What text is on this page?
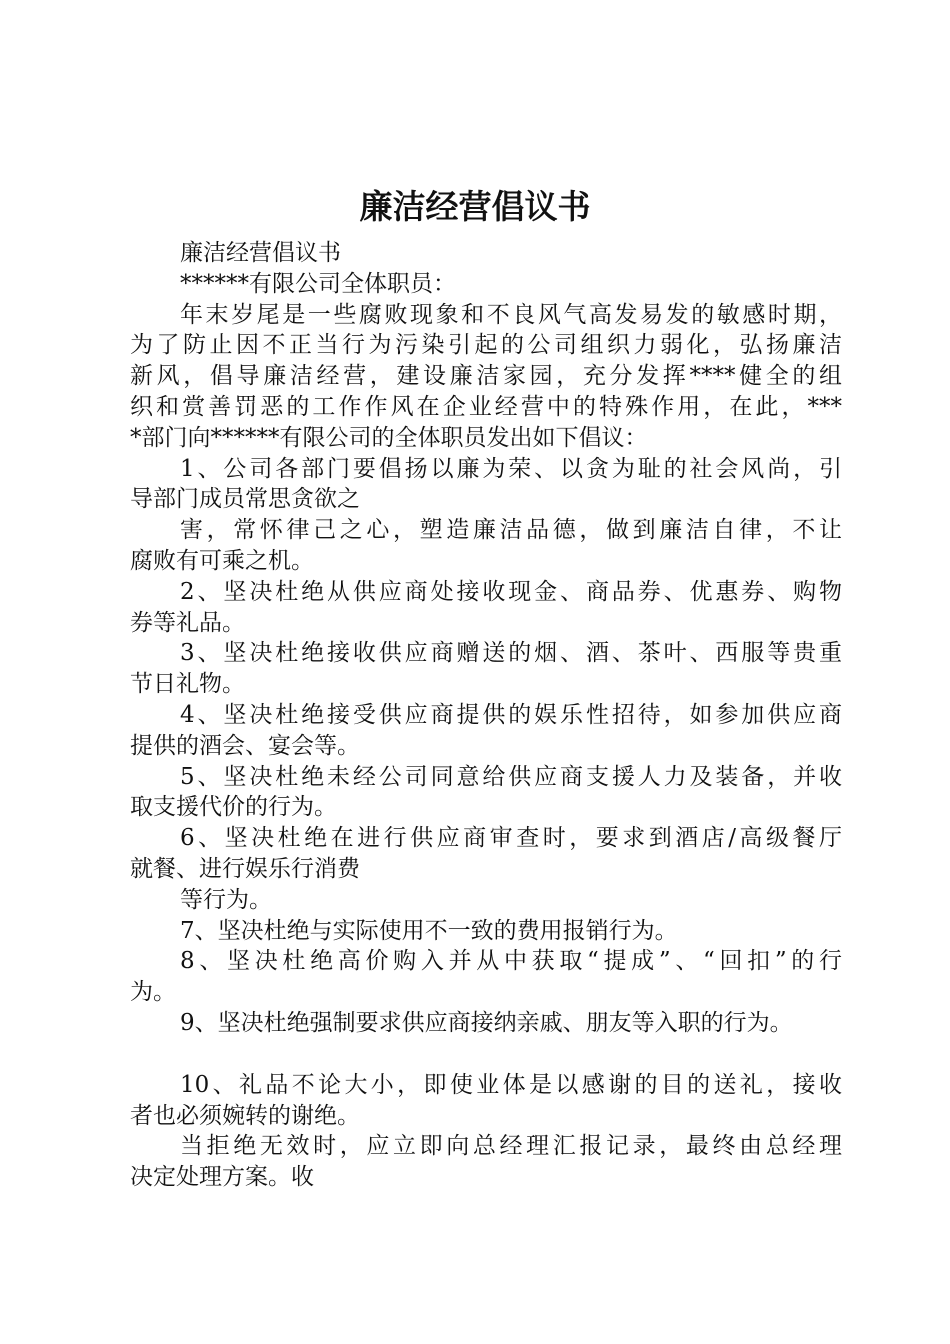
廉洁经营倡议书
廉洁经营倡议书
******有限公司全体职员：
年末岁尾是一些腐败现象和不良风气高发易发的敏感时期，
为了防止因不正当行为污染引起的公司组织力弱化，弘扬廉洁
新风，倡导廉洁经营，建设廉洁家园，充分发挥****健全的组
织和赏善罚恶的工作作风在企业经营中的特殊作用，在此，***
*部门向******有限公司的全体职员发出如下倡议：
1、公司各部门要倡扬以廉为荣、以贪为耻的社会风尚，引
导部门成员常思贪欲之
害，常怀律己之心，塑造廉洁品德，做到廉洁自律，不让
腐败有可乘之机。
2、坚决杜绝从供应商处接收现金、商品券、优惠券、购物
券等礼品。
3、坚决杜绝接收供应商赠送的烟、酒、茶叶、西服等贵重
节日礼物。
4、坚决杜绝接受供应商提供的娱乐性招待，如参加供应商
提供的酒会、宴会等。
5、坚决杜绝未经公司同意给供应商支援人力及装备，并收
取支援代价的行为。
6、坚决杜绝在进行供应商审查时，要求到酒店/高级餐厅
就餐、进行娱乐行消费
等行为。
7、坚决杜绝与实际使用不一致的费用报销行为。
8、坚决杜绝高价购入并从中获取“提成”、“回扣”的行
为。
9、坚决杜绝强制要求供应商接纳亲戚、朋友等入职的行为。
10、礼品不论大小，即使业体是以感谢的目的送礼，接收
者也必须婉转的谢绝。
当拒绝无效时，应立即向总经理汇报记录，最终由总经理
决定处理方案。收
